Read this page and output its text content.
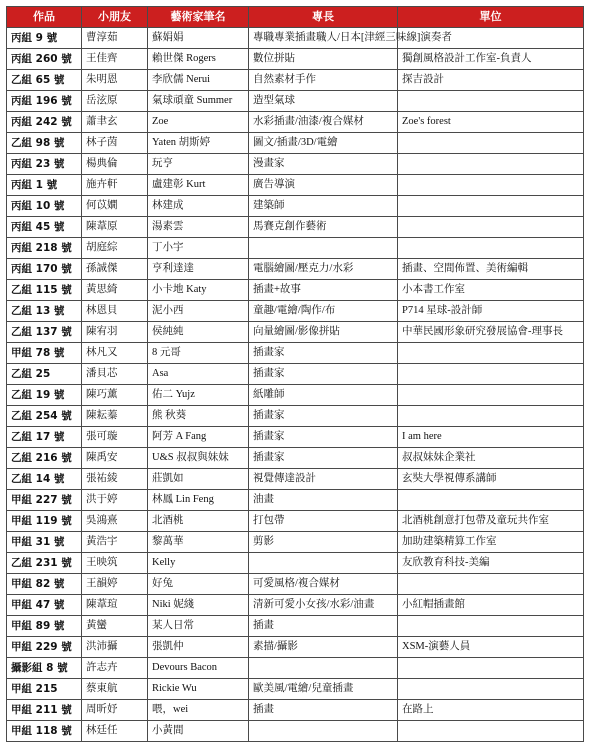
作品	小朋友	藝術家筆名	專長	單位
丙組 9 號	曹淳茹	蘇娟娟	專職專業插畫職人/日本[津經三味線]演奏者	
丙組 260 號	王佳齊	賴世傑 Rogers	數位拼貼	獨創風格設計工作室-負責人
乙組 65 號	朱明恩	李欣儒 Nerui	自然素材手作	探吉設計
丙組 196 號	岳泫原	氣球頑童 Summer	造型氣球	
丙組 242 號	蕭聿玄	Zoe	水彩插畫/油漆/複合媒材	Zoe's forest
乙組 98 號	林子茵	Yaten 胡斯婷	圖文/插畫/3D/電繪	
丙組 23 號	楊典倫	玩亨	漫畫家	
丙組 1 號	施卉軒	盧建彰 Kurt	廣告導演	
丙組 10 號	何苡嫺	林建成	建築師	
丙組 45 號	陳葦原	湯素雲	馬賽克創作藝術	
丙組 218 號	胡庭綜	丁小宇		
丙組 170 號	孫誠傑	亨利達達	電腦繪圖/壓克力/水彩	插畫、空間佈置、美術編輯
乙組 115 號	黃思綺	小卡地 Katy	插畫+故事	小本書工作室
乙組 13 號	林恩貝	泥小西	童趣/電繪/陶作/布	P714 星球-設計師
乙組 137 號	陳宥羽	侯純純	向量繪圖/影像拼貼	中華民國形象研究發展協會-理事長
甲組 78 號	林凡又	8 元哥	插畫家	
乙組 25	潘貝芯	Asa	插畫家	
乙組 19 號	陳巧薰	佑二 Yujz	紙雕師	
乙組 254 號	陳耘蓁	熊 秋葵	插畫家	
乙組 17 號	張可璇	阿芳 A Fang	插畫家	I am here
乙組 216 號	陳禹安	U&S 叔叔與妹妹	插畫家	叔叔妹妹企業社
乙組 14 號	張祐綾	莊凱如	視覺傳達設計	玄奘大學視傳系講師
甲組 227 號	洪于婷	林鳳 Lin Feng	油畫	
甲組 119 號	吳鴻熹	北酒桃	打包帶	北酒桃創意打包帶及童玩共作室
甲組 31 號	黃浩宇	黎萬華	剪影	加助建築精算工作室
乙組 231 號	王映筑	Kelly		友欣教育科技-美編
甲組 82 號	王韻婷	好兔	可愛風格/複合媒材	
甲組 47 號	陳葦瑄	Niki 妮綫	清新可愛小女孩/水彩/油畫	小紅帽插畫館
甲組 89 號	黃蠻	某人日常	插畫	
甲組 229 號	洪沛攝	張凱仲	素描/攝影	XSM-演藝人員
攝影組 8 號	許志卉	Devours Bacon		
甲組 215	蔡東航	Rickie Wu	歐美風/電繪/兒童插畫	
甲組 211 號	周昕妤	喂，wei	插畫	在路上
甲組 118 號	林廷任	小黃間		
